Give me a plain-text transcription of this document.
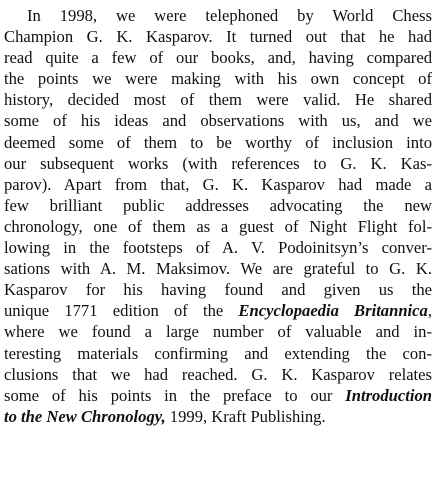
In 1998, we were telephoned by World Chess
Champion G. K. Kasparov. It turned out that he had
read quite a few of our books, and, having compared
the points we were making with his own concept of
history, decided most of them were valid. He shared
some of his ideas and observations with us, and we
deemed some of them to be worthy of inclusion into
our subsequent works (with references to G. K. Kas-
parov). Apart from that, G. K. Kasparov had made a
few brilliant public addresses advocating the new
chronology, one of them as a guest of Night Flight fol-
lowing in the footsteps of A. V. Podoinitsyn’s conver-
sations with A. M. Maksimov. We are grateful to G. K.
Kasparov for his having found and given us the
unique 1771 edition of the Encyclopaedia Britannica,
where we found a large number of valuable and in-
teresting materials confirming and extending the con-
clusions that we had reached. G. K. Kasparov relates
some of his points in the preface to our Introduction
to the New Chronology, 1999, Kraft Publishing.
